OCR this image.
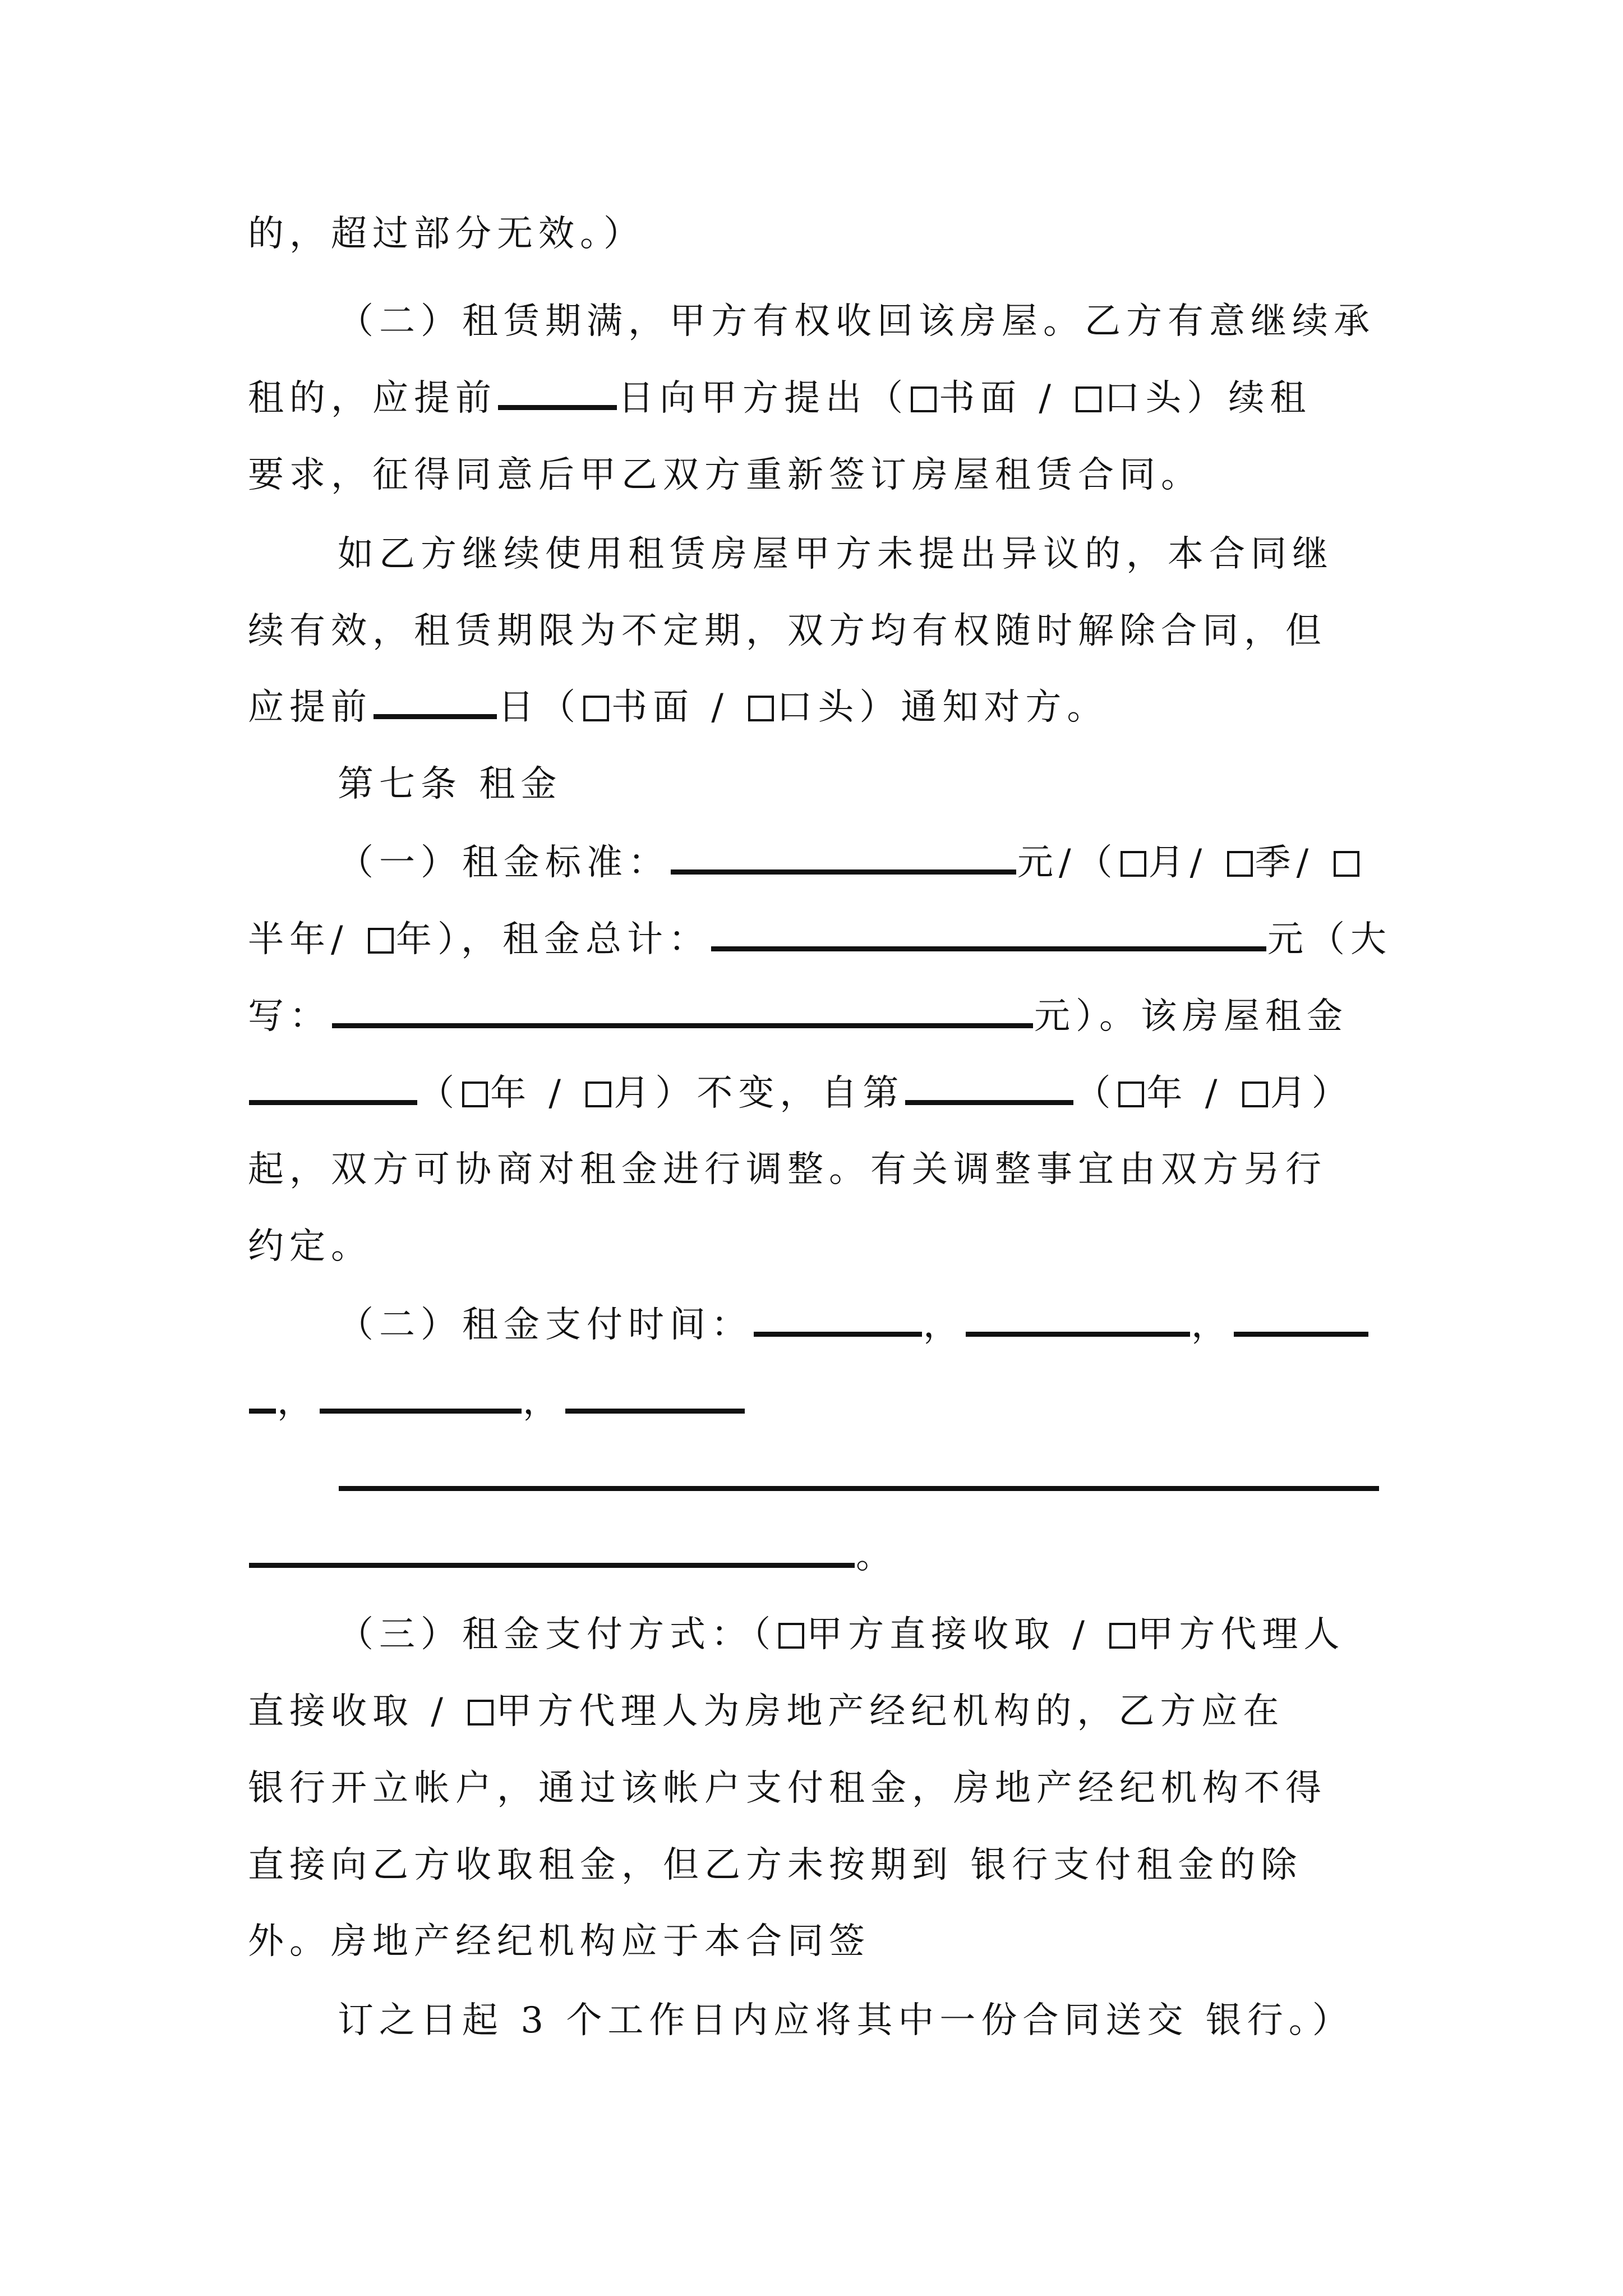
的，超过部分无效。）
（二）租赁期满，甲方有权收回该房屋。乙方有意继续承
租的，应提前	日向甲方提出（ 书面 / 口头）续租
要求，征得同意后甲乙双方重新签订房屋租赁合同。
如乙方继续使用租赁房屋甲方未提出异议的，本合同继
续有效，租赁期限为不定期，双方均有权随时解除合同，但
应提前	日（ 书面 / 口头）通知对方。
第七条 租金
（一）租金标准：	元/（ 月/ 季/
半年/ 年），租金总计：	元（大
写：	元）。该房屋租金
（ 年 / 月）不变，自第	（ 年 / 月）
起，双方可协商对租金进行调整。有关调整事宜由双方另行
约定。
（二）租金支付时间：	，	，
，	，
。
（三）租金支付方式：（ 甲方直接收取 / 甲方代理人
直接收取 / 甲方代理人为房地产经纪机构的，乙方应在
银行开立帐户，通过该帐户支付租金，房地产经纪机构不得
直接向乙方收取租金，但乙方未按期到 银行支付租金的除
外。房地产经纪机构应于本合同签
订之日起 3 个工作日内应将其中一份合同送交 银行。）
